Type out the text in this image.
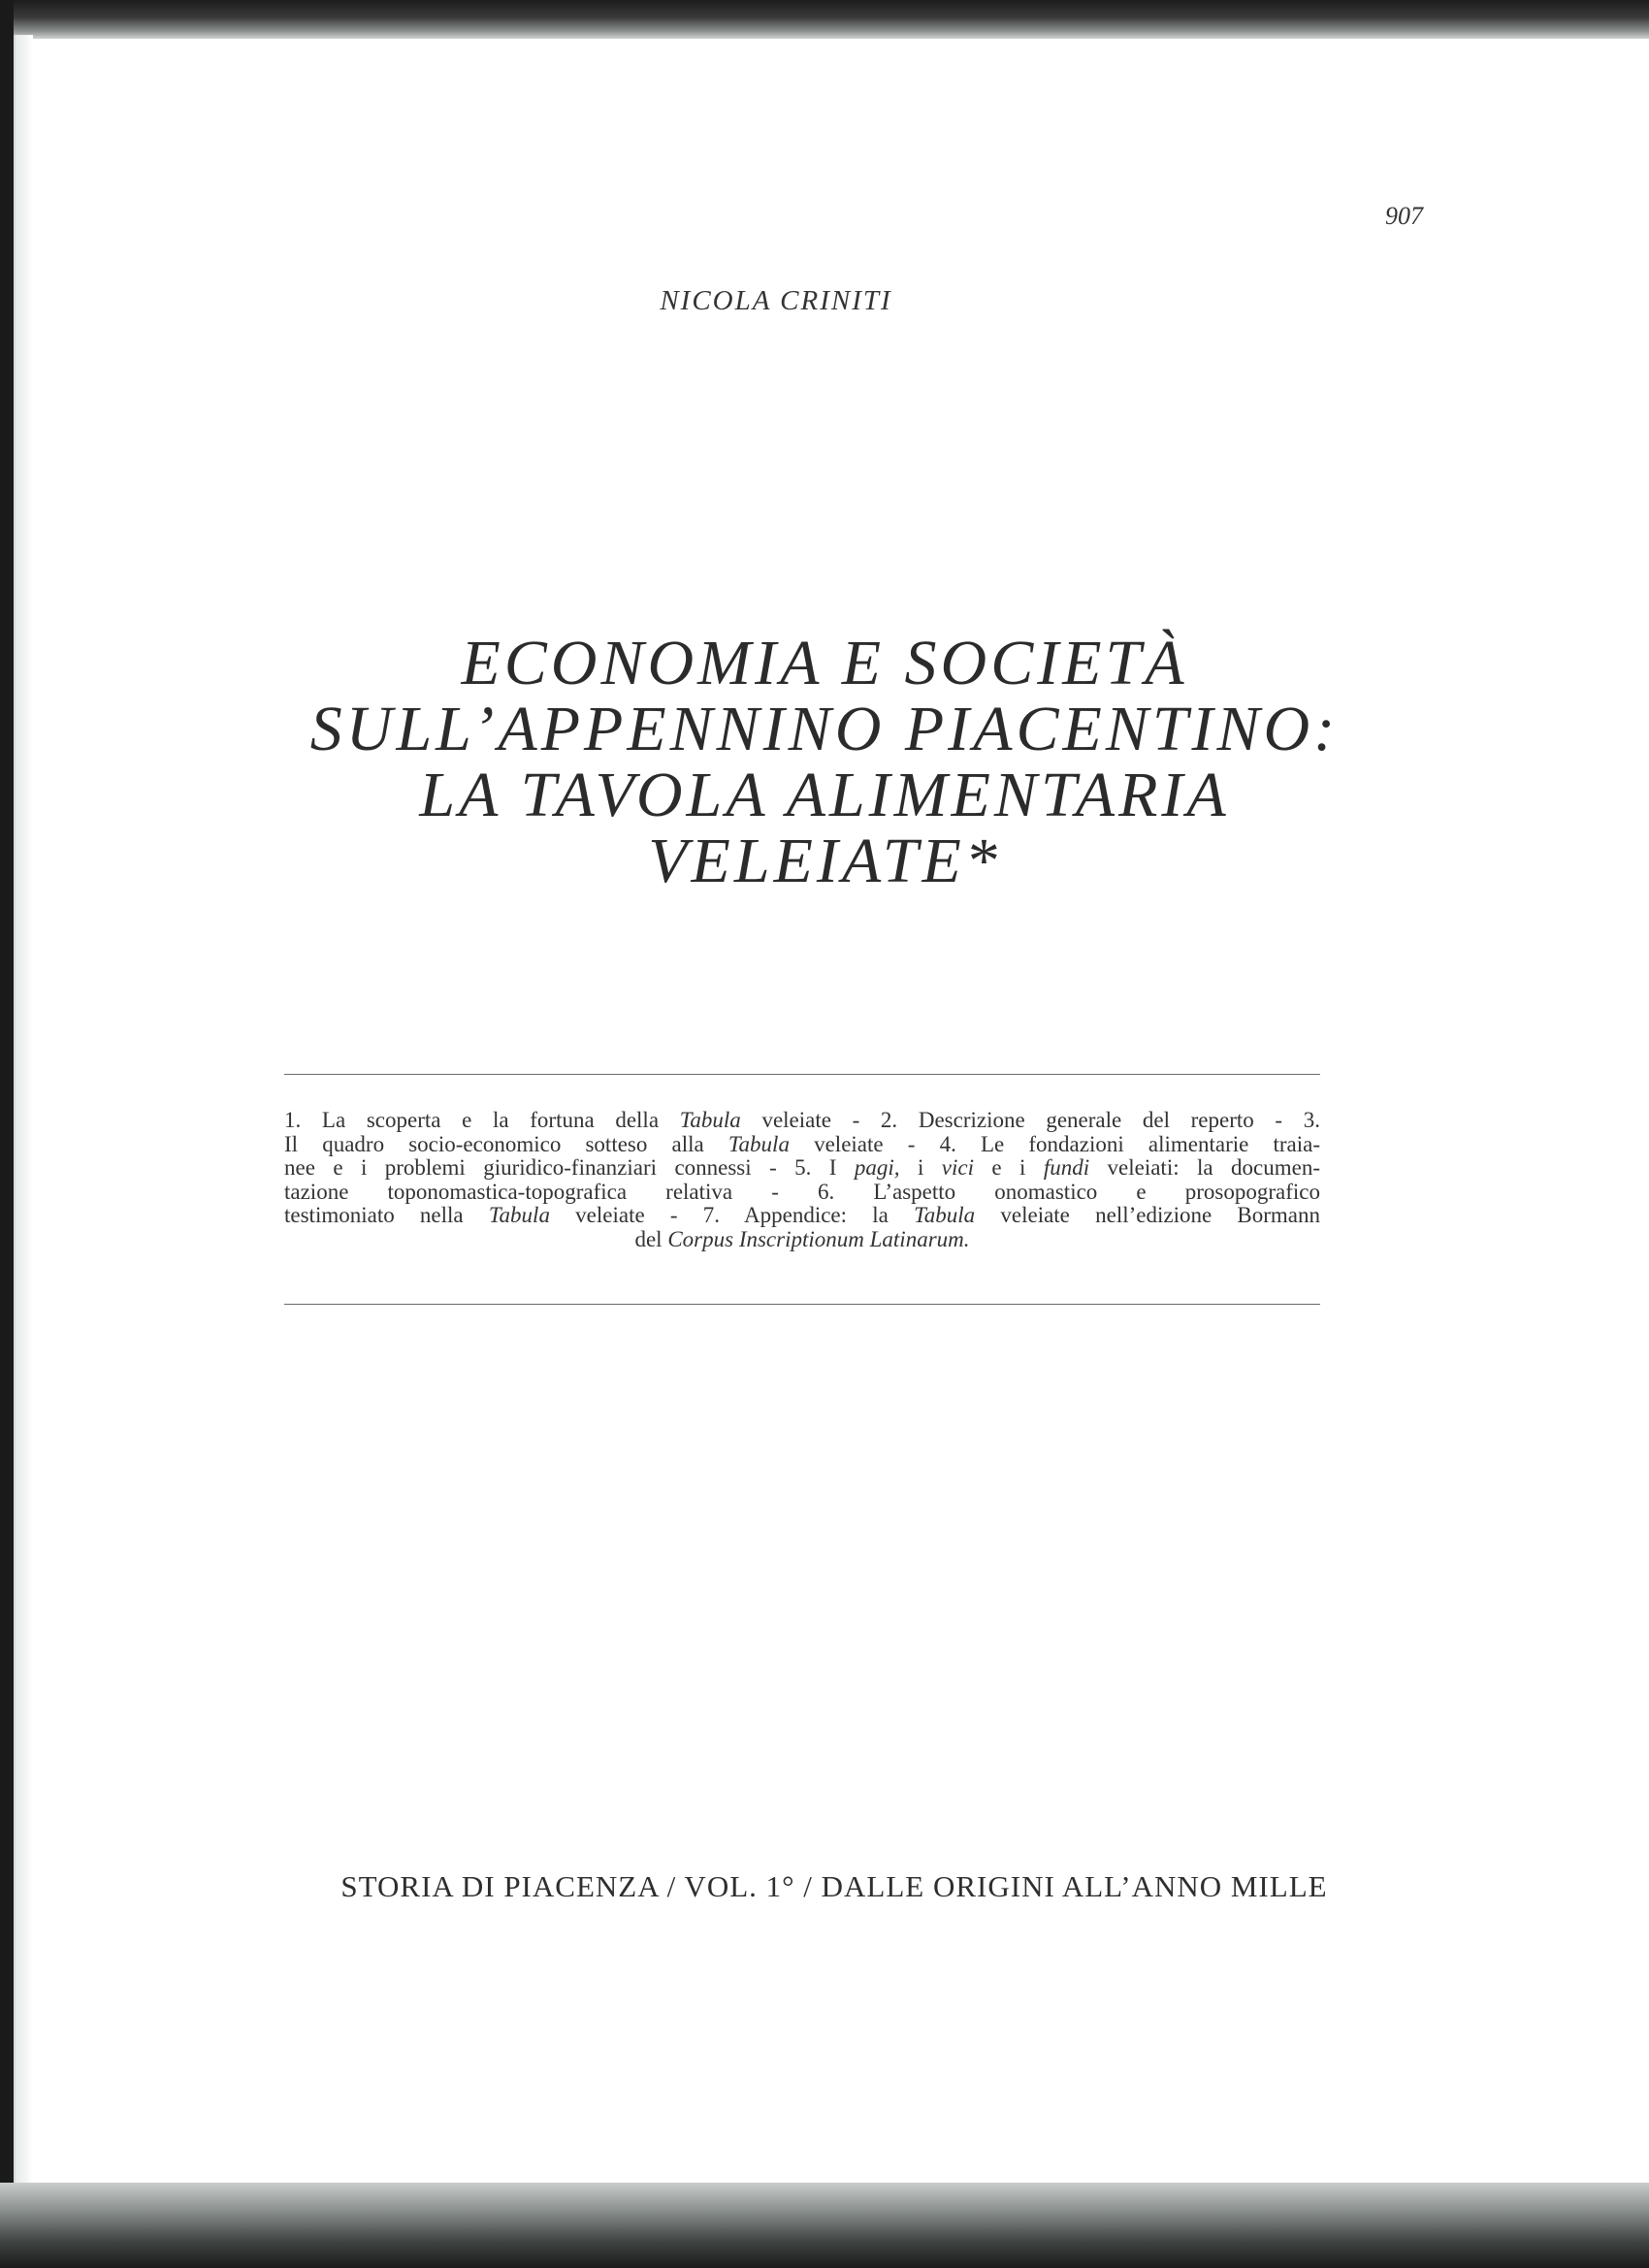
907
NICOLA CRINITI
ECONOMIA E SOCIETÀ
SULL’APPENNINO PIACENTINO:
LA TAVOLA ALIMENTARIA
VELEIATE*
1. La scoperta e la fortuna della Tabula veleiate - 2. Descrizione generale del reperto - 3.
Il quadro socio-economico sotteso alla Tabula veleiate - 4. Le fondazioni alimentarie traia-
nee e i problemi giuridico-finanziari connessi - 5. I pagi, i vici e i fundi veleiati: la documen-
tazione toponomastica-topografica relativa - 6. L’aspetto onomastico e prosopografico
testimoniato nella Tabula veleiate - 7. Appendice: la Tabula veleiate nell’edizione Bormann
del Corpus Inscriptionum Latinarum.
STORIA DI PIACENZA / VOL. 1° / DALLE ORIGINI ALL’ANNO MILLE
